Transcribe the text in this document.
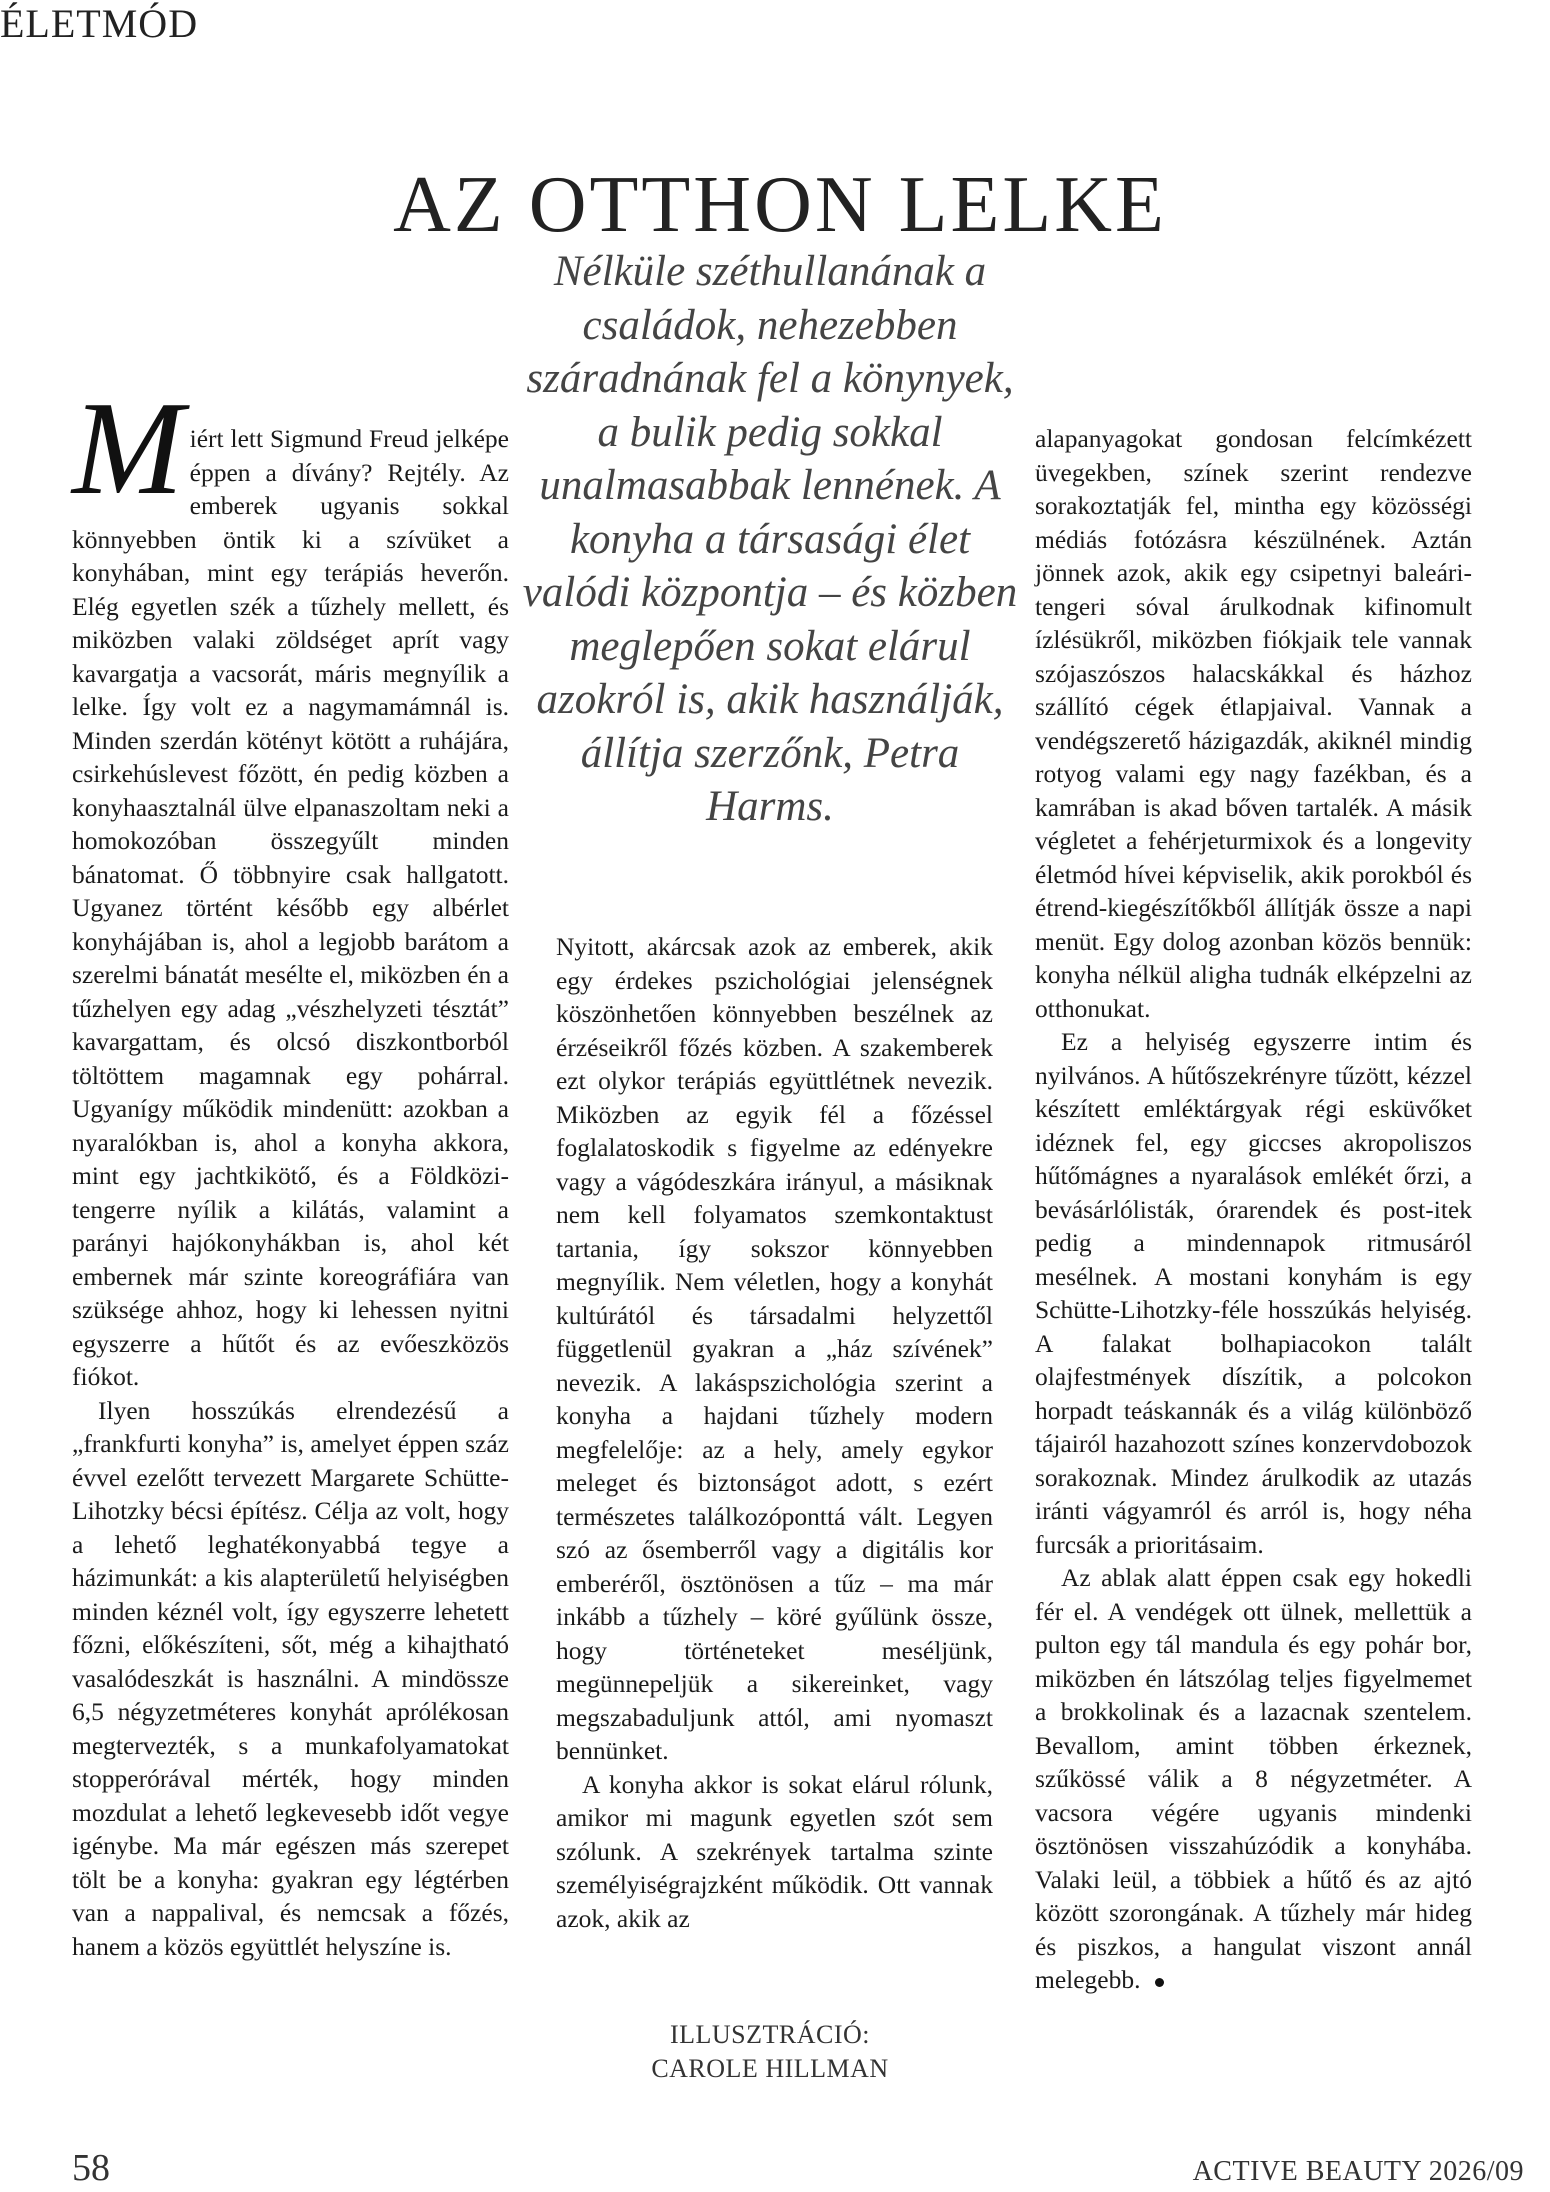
ÉLETMÓD
AZ OTTHON LELKE

Nélküle széthullanának a családok, nehezebben száradnának fel a könynyek, a bulik pedig sokkal unalmasabbak lennének. A konyha a társasági élet valódi központja – és közben meglepően sokat elárul azokról is, akik használják, állítja szerzőnk, Petra Harms.

Miért lett Sigmund Freud jelképe éppen a dívány? Rejtély. Az emberek ugyanis sokkal könnyebben öntik ki a szívüket a konyhában, mint egy terápiás heverőn. Elég egyetlen szék a tűzhely mellett, és miközben valaki zöldséget aprít vagy kavargatja a vacsorát, máris megnyílik a lelke. Így volt ez a nagymamámnál is. Minden szerdán kötényt kötött a ruhájára, csirkehúslevest főzött, én pedig közben a konyhaasztalnál ülve elpanaszoltam neki a homokozóban összegyűlt minden bánatomat. Ő többnyire csak hallgatott. Ugyanez történt később egy albérlet konyhájában is, ahol a legjobb barátom a szerelmi bánatát mesélte el, miközben én a tűzhelyen egy adag „vészhelyzeti tésztát” kavargattam, és olcsó diszkontborból töltöttem magamnak egy pohárral. Ugyanígy működik mindenütt: azokban a nyaralókban is, ahol a konyha akkora, mint egy jachtkikötő, és a Földközi-tengerre nyílik a kilátás, valamint a parányi hajókonyhákban is, ahol két embernek már szinte koreográfiára van szüksége ahhoz, hogy ki lehessen nyitni egyszerre a hűtőt és az evőeszközös fiókot.

Ilyen hosszúkás elrendezésű a „frankfurti konyha” is, amelyet éppen száz évvel ezelőtt tervezett Margarete Schütte-Lihotzky bécsi építész. Célja az volt, hogy a lehető leghatékonyabbá tegye a házimunkát: a kis alapterületű helyiségben minden kéznél volt, így egyszerre lehetett főzni, előkészíteni, sőt, még a kihajtható vasalódeszkát is használni. A mindössze 6,5 négyzetméteres konyhát aprólékosan megtervezték, s a munkafolyamatokat stopperórával mérték, hogy minden mozdulat a lehető legkevesebb időt vegye igénybe. Ma már egészen más szerepet tölt be a konyha: gyakran egy légtérben van a nappalival, és nemcsak a főzés, hanem a közös együttlét helyszíne is.

Nyitott, akárcsak azok az emberek, akik egy érdekes pszichológiai jelenségnek köszönhetően könnyebben beszélnek az érzéseikről főzés közben. A szakemberek ezt olykor terápiás együttlétnek nevezik. Miközben az egyik fél a főzéssel foglalatoskodik s figyelme az edényekre vagy a vágódeszkára irányul, a másiknak nem kell folyamatos szemkontaktust tartania, így sokszor könnyebben megnyílik. Nem véletlen, hogy a konyhát kultúrától és társadalmi helyzettől függetlenül gyakran a „ház szívének” nevezik. A lakáspszichológia szerint a konyha a hajdani tűzhely modern megfelelője: az a hely, amely egykor meleget és biztonságot adott, s ezért természetes találkozóponttá vált. Legyen szó az ősemberről vagy a digitális kor emberéről, ösztönösen a tűz – ma már inkább a tűzhely – köré gyűlünk össze, hogy történeteket meséljünk, megünnepeljük a sikereinket, vagy megszabaduljunk attól, ami nyomaszt bennünket.

A konyha akkor is sokat elárul rólunk, amikor mi magunk egyetlen szót sem szólunk. A szekrények tartalma szinte személyiségrajzként működik. Ott vannak azok, akik az

alapanyagokat gondosan felcímkézett üvegekben, színek szerint rendezve sorakoztatják fel, mintha egy közösségi médiás fotózásra készülnének. Aztán jönnek azok, akik egy csipetnyi baleári-tengeri sóval árulkodnak kifinomult ízlésükről, miközben fiókjaik tele vannak szójaszószos halacskákkal és házhoz szállító cégek étlapjaival. Vannak a vendégszerető házigazdák, akiknél mindig rotyog valami egy nagy fazékban, és a kamrában is akad bőven tartalék. A másik végletet a fehérjeturmixok és a longevity életmód hívei képviselik, akik porokból és étrend-kiegészítőkből állítják össze a napi menüt. Egy dolog azonban közös bennük: konyha nélkül aligha tudnák elképzelni az otthonukat.

Ez a helyiség egyszerre intim és nyilvános. A hűtőszekrényre tűzött, kézzel készített emléktárgyak régi esküvőket idéznek fel, egy giccses akropoliszos hűtőmágnes a nyaralások emlékét őrzi, a bevásárlólisták, órarendek és post-itek pedig a mindennapok ritmusáról mesélnek. A mostani konyhám is egy Schütte-Lihotzky-féle hosszúkás helyiség. A falakat bolhapiacokon talált olajfestmények díszítik, a polcokon horpadt teáskannák és a világ különböző tájairól hazahozott színes konzervdobozok sorakoznak. Mindez árulkodik az utazás iránti vágyamról és arról is, hogy néha furcsák a prioritásaim.

Az ablak alatt éppen csak egy hokedli fér el. A vendégek ott ülnek, mellettük a pulton egy tál mandula és egy pohár bor, miközben én látszólag teljes figyelmemet a brokkolinak és a lazacnak szentelem. Bevallom, amint többen érkeznek, szűkössé válik a 8 négyzetméter. A vacsora végére ugyanis mindenki ösztönösen visszahúzódik a konyhába. Valaki leül, a többiek a hűtő és az ajtó között szorongának. A tűzhely már hideg és piszkos, a hangulat viszont annál melegebb.

ILLUSZTRÁCIÓ:
CAROLE HILLMAN
58	ACTIVE BEAUTY 2026/09
